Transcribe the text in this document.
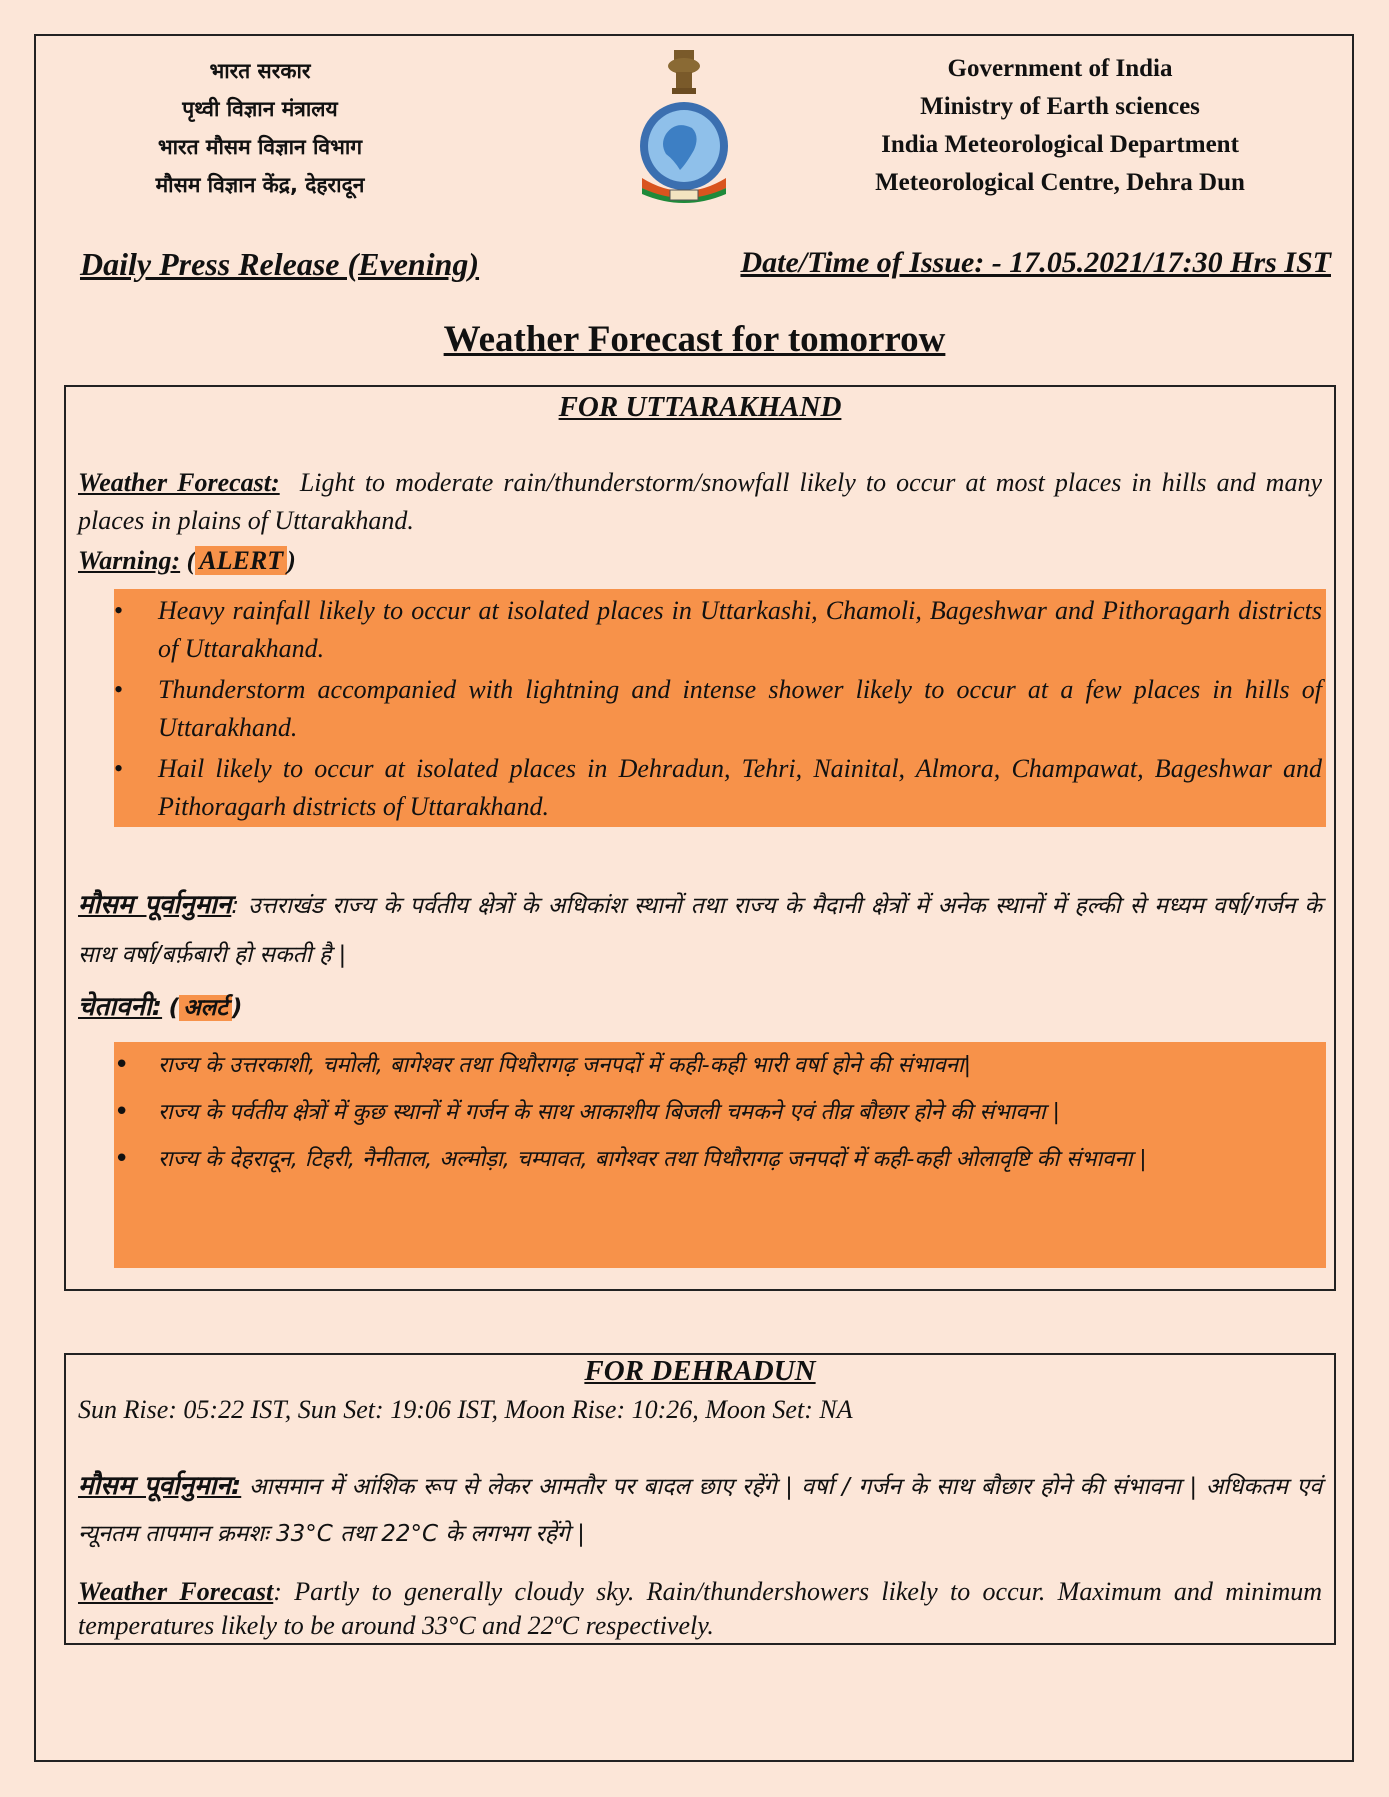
भारत सरकार
पृथ्वी विज्ञान मंत्रालय
भारत मौसम विज्ञान विभाग
मौसम विज्ञान केंद्र, देहरादून
Government of India
Ministry of Earth sciences
India Meteorological Department
Meteorological Centre, Dehra Dun
Daily Press Release (Evening)	Date/Time of Issue: - 17.05.2021/17:30 Hrs IST
Weather Forecast for tomorrow
FOR UTTARAKHAND
Weather Forecast: Light to moderate rain/thunderstorm/snowfall likely to occur at most places in hills and many places in plains of Uttarakhand.
Warning: ( ALERT )
• Heavy rainfall likely to occur at isolated places in Uttarkashi, Chamoli, Bageshwar and Pithoragarh districts of Uttarakhand.
• Thunderstorm accompanied with lightning and intense shower likely to occur at a few places in hills of Uttarakhand.
• Hail likely to occur at isolated places in Dehradun, Tehri, Nainital, Almora, Champawat, Bageshwar and Pithoragarh districts of Uttarakhand.
मौसम पूर्वानुमान: उत्तराखंड राज्य के पर्वतीय क्षेत्रों के अधिकांश स्थानों तथा राज्य के मैदानी क्षेत्रों में अनेक स्थानों में हल्की से मध्यम वर्षा/गर्जन के साथ वर्षा/बर्फ़बारी हो सकती है |
चेतावनी: ( अलर्ट )
• राज्य के उत्तरकाशी, चमोली, बागेश्वर तथा पिथौरागढ़ जनपदों में कही-कही भारी वर्षा होने की संभावना|
• राज्य के पर्वतीय क्षेत्रों में कुछ स्थानों में गर्जन के साथ आकाशीय बिजली चमकने एवं तीव्र बौछार होने की संभावना |
• राज्य के देहरादून, टिहरी, नैनीताल, अल्मोड़ा, चम्पावत, बागेश्वर तथा पिथौरागढ़ जनपदों में कही-कही ओलावृष्टि की संभावना |
FOR DEHRADUN
Sun Rise: 05:22 IST, Sun Set: 19:06 IST, Moon Rise: 10:26, Moon Set: NA
मौसम पूर्वानुमान: आसमान में आंशिक रूप से लेकर आमतौर पर बादल छाए रहेंगे | वर्षा / गर्जन के साथ बौछार होने की संभावना | अधिकतम एवं न्यूनतम तापमान क्रमशः 33°C तथा 22°C के लगभग रहेंगे |
Weather Forecast: Partly to generally cloudy sky. Rain/thundershowers likely to occur. Maximum and minimum temperatures likely to be around 33°C and 22ºC respectively.
